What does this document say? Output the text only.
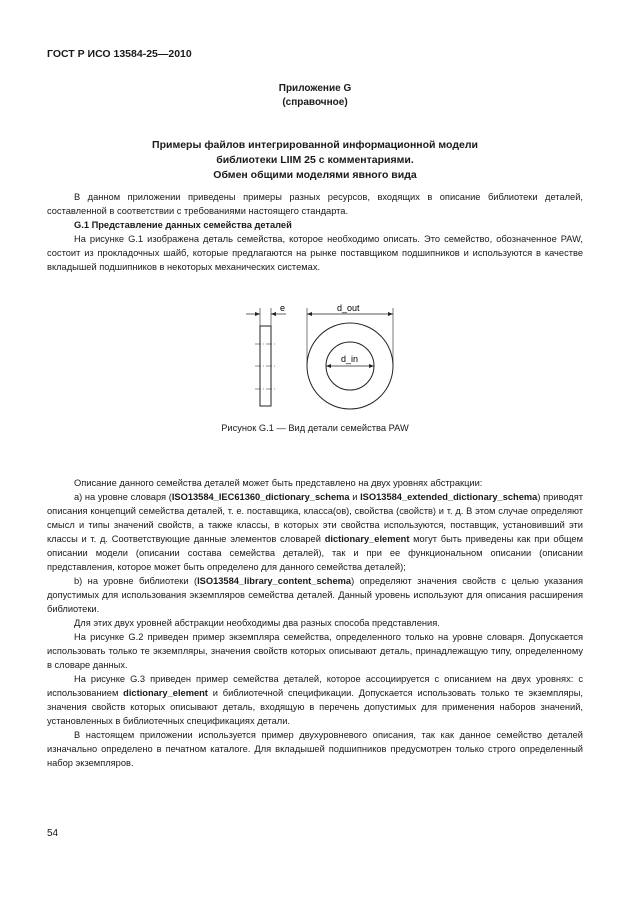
ГОСТ Р ИСО 13584-25—2010
Приложение G
(справочное)
Примеры файлов интегрированной информационной модели
библиотеки LIIM 25 с комментариями.
Обмен общими моделями явного вида

В данном приложении приведены примеры разных ресурсов, входящих в описание библиотеки деталей, составленной в соответствии с требованиями настоящего стандарта.

G.1 Представление данных семейства деталей

На рисунке G.1 изображена деталь семейства, которое необходимо описать. Это семейство, обозначенное PAW, состоит из прокладочных шайб, которые предлагаются на рынке поставщиком подшипников и используются в качестве вкладышей подшипников в некоторых механических системах.

e	d_out
d_in
Рисунок G.1 — Вид детали семейства PAW

Описание данного семейства деталей может быть представлено на двух уровнях абстракции:

а) на уровне словаря (ISO13584_IEC61360_dictionary_schema и ISO13584_extended_dictionary_schema) приводят описания концепций семейства деталей, т. е. поставщика, класса(ов), свойства (свойств) и т. д. В этом случае определяют смысл и типы значений свойств, а также классы, в которых эти свойства используются, поставщик, установивший эти классы и т. д. Соответствующие данные элементов словарей dictionary_element могут быть приведены как при общем описании модели (описании состава семейства деталей), так и при ее функциональном описании (описании представления, которое может быть определено для данного семейства деталей);

b) на уровне библиотеки (ISO13584_library_content_schema) определяют значения свойств с целью указания допустимых для использования экземпляров семейства деталей. Данный уровень используют для описания расширения библиотеки.

Для этих двух уровней абстракции необходимы два разных способа представления.

На рисунке G.2 приведен пример экземпляра семейства, определенного только на уровне словаря. Допускается использовать только те экземпляры, значения свойств которых описывают деталь, принадлежащую типу, определенному в словаре данных.

На рисунке G.3 приведен пример семейства деталей, которое ассоциируется с описанием на двух уровнях: с использованием dictionary_element и библиотечной спецификации. Допускается использовать только те экземпляры, значения свойств которых описывают деталь, входящую в перечень допустимых для применения наборов значений, установленных в библиотечных спецификациях детали.

В настоящем приложении используется пример двухуровневого описания, так как данное семейство деталей изначально определено в печатном каталоге. Для вкладышей подшипников предусмотрен только строго определенный набор экземпляров.

54
